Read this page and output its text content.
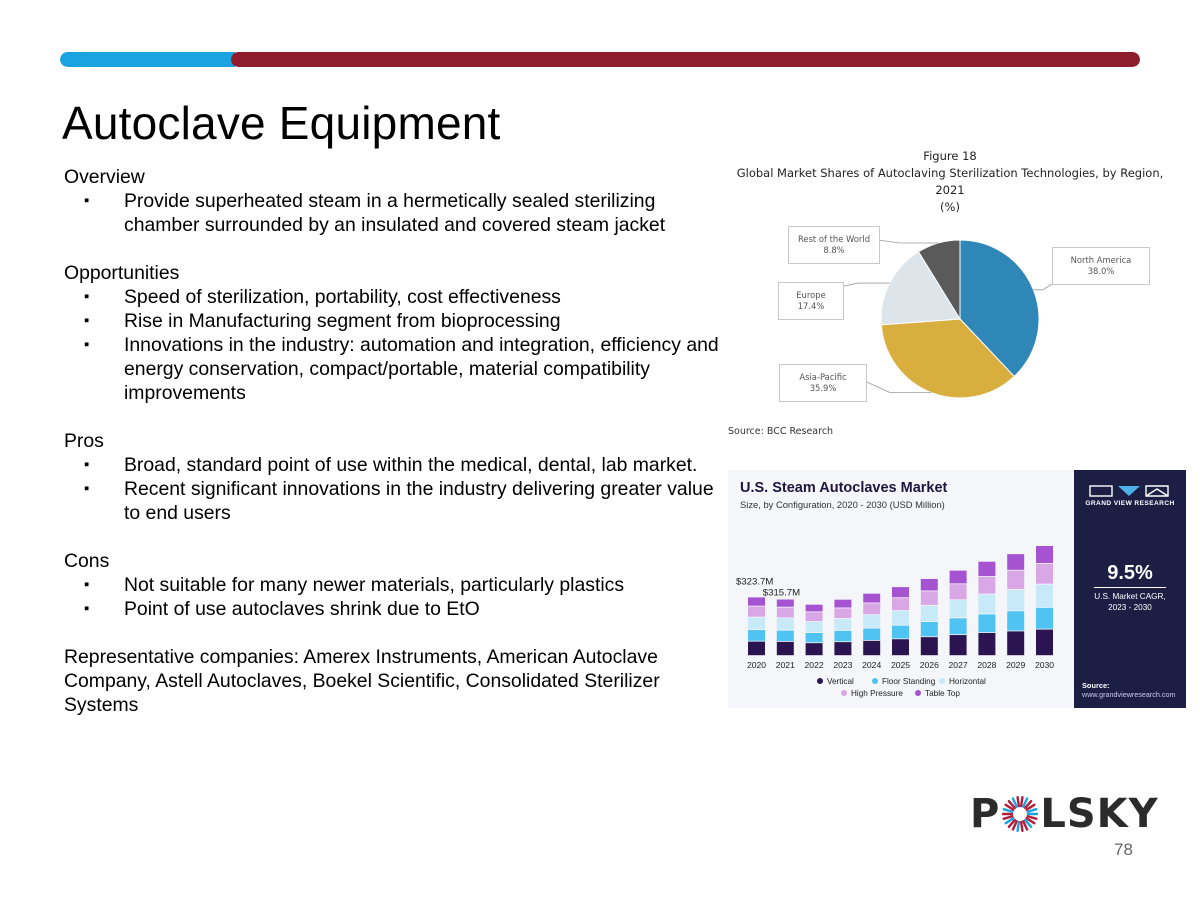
Autoclave Equipment

Overview

▪ Provide superheated steam in a hermetically sealed sterilizing chamber surrounded by an insulated and covered steam jacket

Opportunities

▪ Speed of sterilization, portability, cost effectiveness
▪ Rise in Manufacturing segment from bioprocessing
▪ Innovations in the industry: automation and integration, efficiency and energy conservation, compact/portable, material compatibility improvements

Pros

▪ Broad, standard point of use within the medical, dental, lab market.
▪ Recent significant innovations in the industry delivering greater value to end users

Cons

▪ Not suitable for many newer materials, particularly plastics
▪ Point of use autoclaves shrink due to EtO

Representative companies: Amerex Instruments, American Autoclave Company, Astell Autoclaves, Boekel Scientific, Consolidated Sterilizer Systems

Figure 18
Global Market Shares of Autoclaving Sterilization Technologies, by Region, 2021
(%)
North America
38.0%
Asia-Pacific
35.9%
Europe
17.4%
Rest of the World
8.8%
Source: BCC Research
U.S. Steam Autoclaves Market
Size, by Configuration, 2020 - 2030 (USD Million)
2020 2021 2022 2023 2024 2025 2026 2027 2028 2029 2030
$323.7M
$315.7M
Vertical	Floor Standing Horizontal
High Pressure	Table Top
GRAND VIEW RESEARCH
9.5%
U.S. Market CAGR,
2023 - 2030
Source:
www.grandviewresearch.com
P LSKY
78
